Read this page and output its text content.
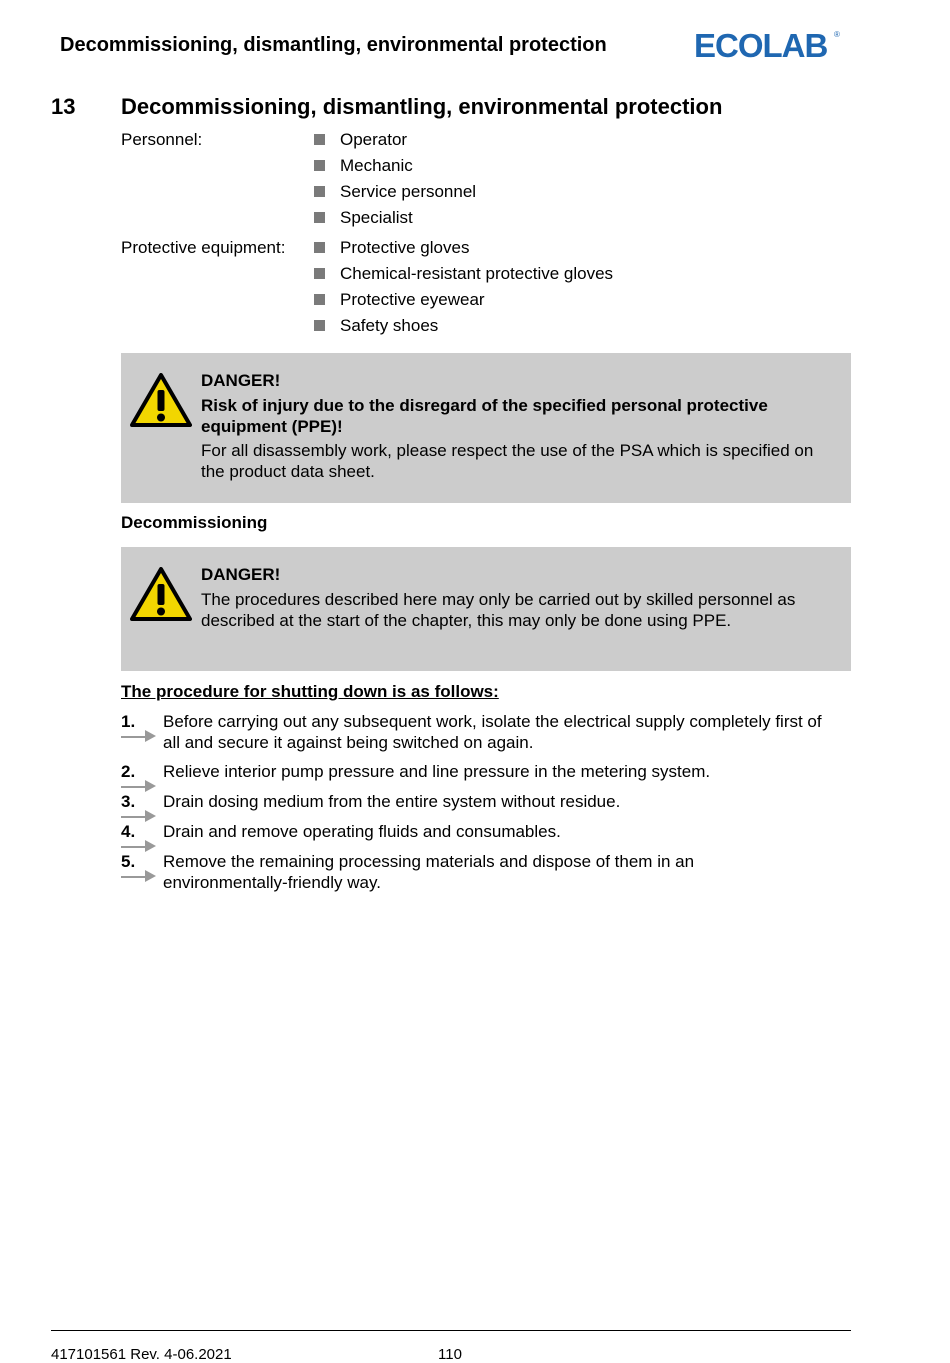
Decommissioning, dismantling, environmental protection	ECOLAB ®
13 Decommissioning, dismantling, environmental protection
Personnel:	Operator
Mechanic
Service personnel
Specialist
Protective equipment:	Protective gloves
Chemical-resistant protective gloves
Protective eyewear
Safety shoes
DANGER!
Risk of injury due to the disregard of the specified personal protective equipment (PPE)!
For all disassembly work, please respect the use of the PSA which is specified on the product data sheet.
Decommissioning
DANGER!
The procedures described here may only be carried out by skilled personnel as described at the start of the chapter, this may only be done using PPE.
The procedure for shutting down is as follows:
1. Before carrying out any subsequent work, isolate the electrical supply completely first of all and secure it against being switched on again.
2. Relieve interior pump pressure and line pressure in the metering system.
3. Drain dosing medium from the entire system without residue.
4. Drain and remove operating fluids and consumables.
5. Remove the remaining processing materials and dispose of them in an environmentally-friendly way.
417101561 Rev. 4-06.2021	110
